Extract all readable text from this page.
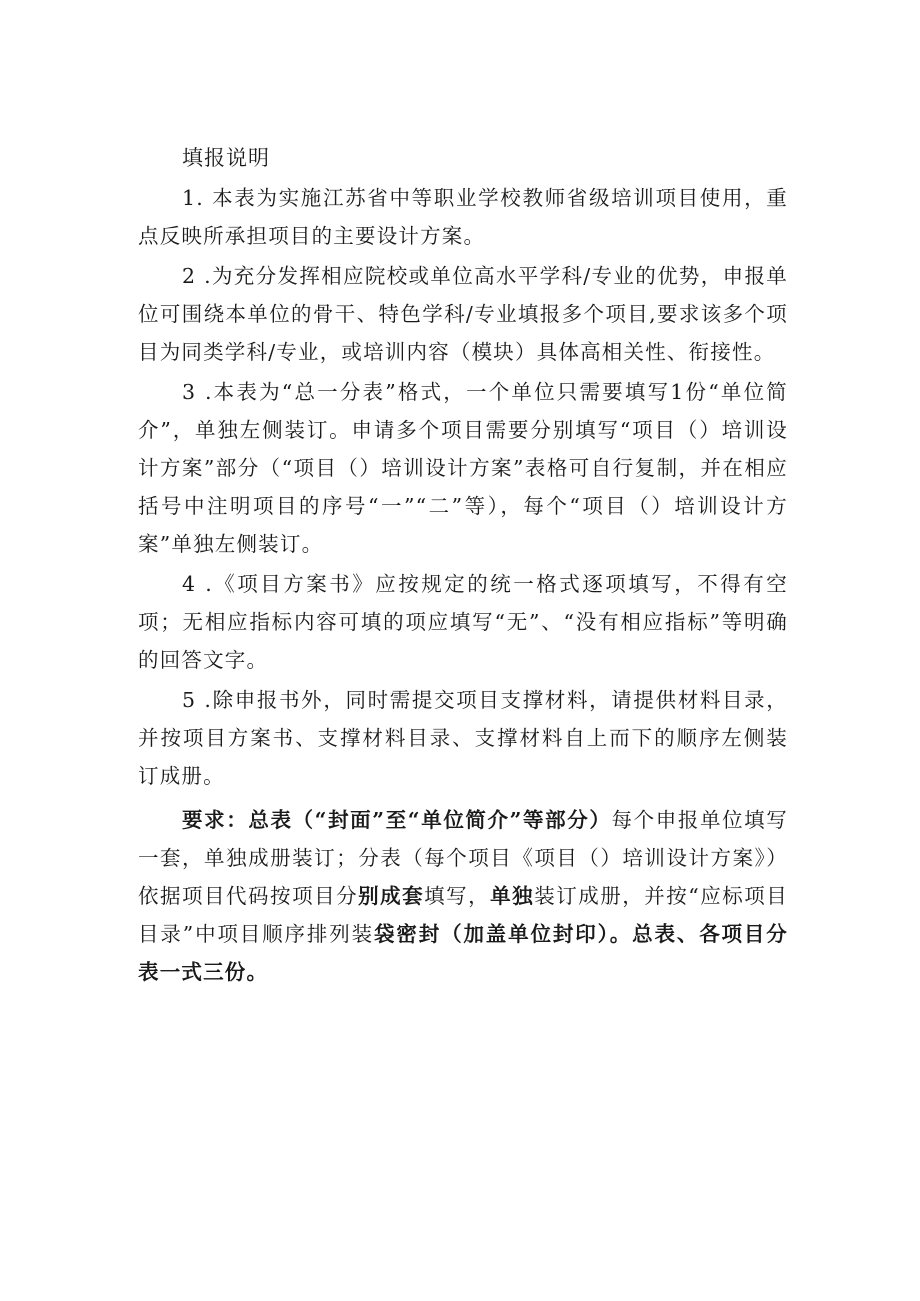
填报说明

1. 本表为实施江苏省中等职业学校教师省级培训项目使用，重点反映所承担项目的主要设计方案。

2 .为充分发挥相应院校或单位高水平学科/专业的优势，申报单位可围绕本单位的骨干、特色学科/专业填报多个项目,要求该多个项目为同类学科/专业，或培训内容（模块）具体高相关性、衔接性。

3 .本表为“总一分表”格式，一个单位只需要填写1份“单位简介”，单独左侧装订。申请多个项目需要分别填写“项目（）培训设计方案”部分（“项目（）培训设计方案”表格可自行复制，并在相应括号中注明项目的序号“一”“二”等），每个“项目（）培训设计方案”单独左侧装订。

4 .《项目方案书》应按规定的统一格式逐项填写，不得有空项；无相应指标内容可填的项应填写“无”、“没有相应指标”等明确的回答文字。

5 .除申报书外，同时需提交项目支撑材料，请提供材料目录，并按项目方案书、支撑材料目录、支撑材料自上而下的顺序左侧装订成册。

要求：总表（“封面”至“单位简介”等部分）每个申报单位填写一套，单独成册装订；分表（每个项目《项目（）培训设计方案》）依据项目代码按项目分别成套填写，单独装订成册，并按“应标项目目录”中项目顺序排列装袋密封（加盖单位封印）。总表、各项目分表一式三份。
